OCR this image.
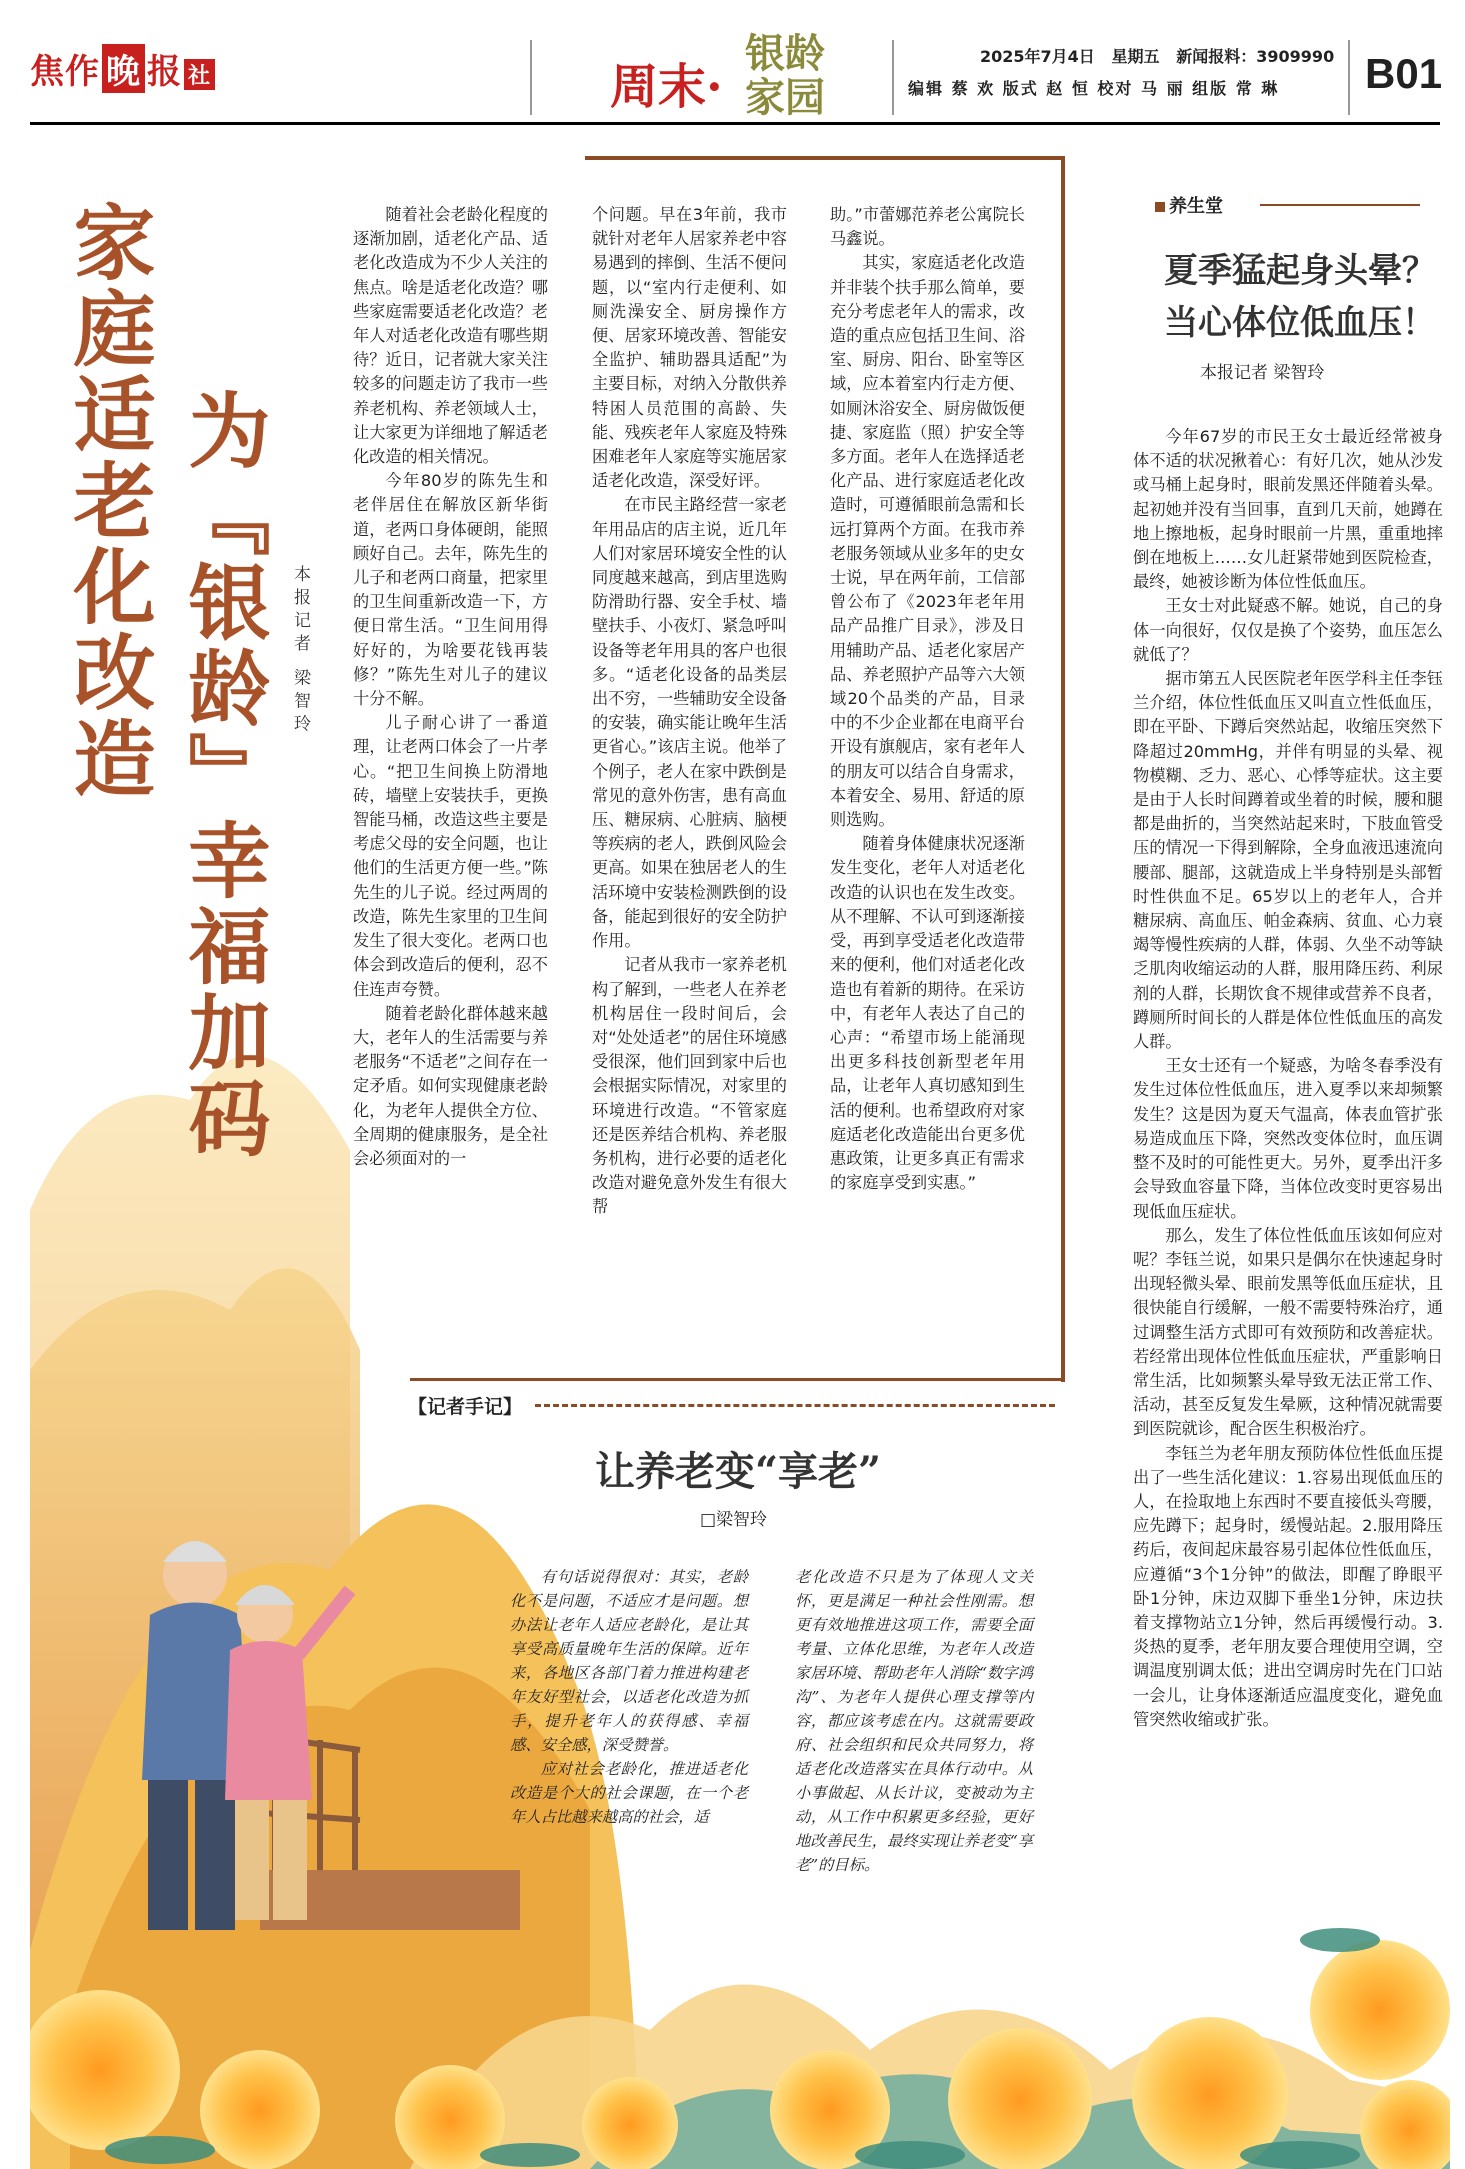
焦作 晚 报 社	周末·
银龄家园
2025年7月4日 星期五 新闻报料：3909990
编辑 蔡 欢 版式 赵 恒 校对 马 丽 组版 常 琳 B01
家庭适老化改造 为『银龄』幸福加码	本报记者 梁智玲

随着社会老龄化程度的逐渐加剧，适老化产品、适老化改造成为不少人关注的焦点。啥是适老化改造？哪些家庭需要适老化改造？老年人对适老化改造有哪些期待？近日，记者就大家关注较多的问题走访了我市一些养老机构、养老领域人士，让大家更为详细地了解适老化改造的相关情况。

今年80岁的陈先生和老伴居住在解放区新华街道，老两口身体硬朗，能照顾好自己。去年，陈先生的儿子和老两口商量，把家里的卫生间重新改造一下，方便日常生活。“卫生间用得好好的，为啥要花钱再装修？”陈先生对儿子的建议十分不解。

儿子耐心讲了一番道理，让老两口体会了一片孝心。“把卫生间换上防滑地砖，墙壁上安装扶手，更换智能马桶，改造这些主要是考虑父母的安全问题，也让他们的生活更方便一些。”陈先生的儿子说。经过两周的改造，陈先生家里的卫生间发生了很大变化。老两口也体会到改造后的便利，忍不住连声夸赞。

随着老龄化群体越来越大，老年人的生活需要与养老服务“不适老”之间存在一定矛盾。如何实现健康老龄化，为老年人提供全方位、全周期的健康服务，是全社会必须面对的一

个问题。早在3年前，我市就针对老年人居家养老中容易遇到的摔倒、生活不便问题，以“室内行走便利、如厕洗澡安全、厨房操作方便、居家环境改善、智能安全监护、辅助器具适配”为主要目标，对纳入分散供养特困人员范围的高龄、失能、残疾老年人家庭及特殊困难老年人家庭等实施居家适老化改造，深受好评。

在市民主路经营一家老年用品店的店主说，近几年人们对家居环境安全性的认同度越来越高，到店里选购防滑助行器、安全手杖、墙壁扶手、小夜灯、紧急呼叫设备等老年用具的客户也很多。“适老化设备的品类层出不穷，一些辅助安全设备的安装，确实能让晚年生活更省心。”该店主说。他举了个例子，老人在家中跌倒是常见的意外伤害，患有高血压、糖尿病、心脏病、脑梗等疾病的老人，跌倒风险会更高。如果在独居老人的生活环境中安装检测跌倒的设备，能起到很好的安全防护作用。

记者从我市一家养老机构了解到，一些老人在养老机构居住一段时间后，会对“处处适老”的居住环境感受很深，他们回到家中后也会根据实际情况，对家里的环境进行改造。“不管家庭还是医养结合机构、养老服务机构，进行必要的适老化改造对避免意外发生有很大帮

助。”市蕾娜范养老公寓院长马鑫说。

其实，家庭适老化改造并非装个扶手那么简单，要充分考虑老年人的需求，改造的重点应包括卫生间、浴室、厨房、阳台、卧室等区域，应本着室内行走方便、如厕沐浴安全、厨房做饭便捷、家庭监（照）护安全等多方面。老年人在选择适老化产品、进行家庭适老化改造时，可遵循眼前急需和长远打算两个方面。在我市养老服务领域从业多年的史女士说，早在两年前，工信部曾公布了《2023年老年用品产品推广目录》，涉及日用辅助产品、适老化家居产品、养老照护产品等六大领域20个品类的产品，目录中的不少企业都在电商平台开设有旗舰店，家有老年人的朋友可以结合自身需求，本着安全、易用、舒适的原则选购。

随着身体健康状况逐渐发生变化，老年人对适老化改造的认识也在发生改变。从不理解、不认可到逐渐接受，再到享受适老化改造带来的便利，他们对适老化改造也有着新的期待。在采访中，有老年人表达了自己的心声：“希望市场上能涌现出更多科技创新型老年用品，让老年人真切感知到生活的便利。也希望政府对家庭适老化改造能出台更多优惠政策，让更多真正有需求的家庭享受到实惠。”

【记者手记】
让养老变“享老”
□梁智玲

有句话说得很对：其实，老龄化不是问题，不适应才是问题。想办法让老年人适应老龄化，是让其享受高质量晚年生活的保障。近年来，各地区各部门着力推进构建老年友好型社会，以适老化改造为抓手，提升老年人的获得感、幸福感、安全感，深受赞誉。

应对社会老龄化，推进适老化改造是个大的社会课题，在一个老年人占比越来越高的社会，适

老化改造不只是为了体现人文关怀，更是满足一种社会性刚需。想更有效地推进这项工作，需要全面考量、立体化思维，为老年人改造家居环境、帮助老年人消除“数字鸿沟”、为老年人提供心理支撑等内容，都应该考虑在内。这就需要政府、社会组织和民众共同努力，将适老化改造落实在具体行动中。从小事做起、从长计议，变被动为主动，从工作中积累更多经验，更好地改善民生，最终实现让养老变“享老”的目标。

养生堂
夏季猛起身头晕？
当心体位低血压！
本报记者 梁智玲

今年67岁的市民王女士最近经常被身体不适的状况揪着心：有好几次，她从沙发或马桶上起身时，眼前发黑还伴随着头晕。起初她并没有当回事，直到几天前，她蹲在地上擦地板，起身时眼前一片黑，重重地摔倒在地板上……女儿赶紧带她到医院检查，最终，她被诊断为体位性低血压。

王女士对此疑惑不解。她说，自己的身体一向很好，仅仅是换了个姿势，血压怎么就低了？

据市第五人民医院老年医学科主任李钰兰介绍，体位性低血压又叫直立性低血压，即在平卧、下蹲后突然站起，收缩压突然下降超过20mmHg，并伴有明显的头晕、视物模糊、乏力、恶心、心悸等症状。这主要是由于人长时间蹲着或坐着的时候，腰和腿都是曲折的，当突然站起来时，下肢血管受压的情况一下得到解除，全身血液迅速流向腰部、腿部，这就造成上半身特别是头部暂时性供血不足。65岁以上的老年人，合并糖尿病、高血压、帕金森病、贫血、心力衰竭等慢性疾病的人群，体弱、久坐不动等缺乏肌肉收缩运动的人群，服用降压药、利尿剂的人群，长期饮食不规律或营养不良者，蹲厕所时间长的人群是体位性低血压的高发人群。

王女士还有一个疑惑，为啥冬春季没有发生过体位性低血压，进入夏季以来却频繁发生？这是因为夏天气温高，体表血管扩张易造成血压下降，突然改变体位时，血压调整不及时的可能性更大。另外，夏季出汗多会导致血容量下降，当体位改变时更容易出现低血压症状。

那么，发生了体位性低血压该如何应对呢？李钰兰说，如果只是偶尔在快速起身时出现轻微头晕、眼前发黑等低血压症状，且很快能自行缓解，一般不需要特殊治疗，通过调整生活方式即可有效预防和改善症状。若经常出现体位性低血压症状，严重影响日常生活，比如频繁头晕导致无法正常工作、活动，甚至反复发生晕厥，这种情况就需要到医院就诊，配合医生积极治疗。

李钰兰为老年朋友预防体位性低血压提出了一些生活化建议：1.容易出现低血压的人，在捡取地上东西时不要直接低头弯腰，应先蹲下；起身时，缓慢站起。2.服用降压药后，夜间起床最容易引起体位性低血压，应遵循“3个1分钟”的做法，即醒了睁眼平卧1分钟，床边双脚下垂坐1分钟，床边扶着支撑物站立1分钟，然后再缓慢行动。3.炎热的夏季，老年朋友要合理使用空调，空调温度别调太低；进出空调房时先在门口站一会儿，让身体逐渐适应温度变化，避免血管突然收缩或扩张。
